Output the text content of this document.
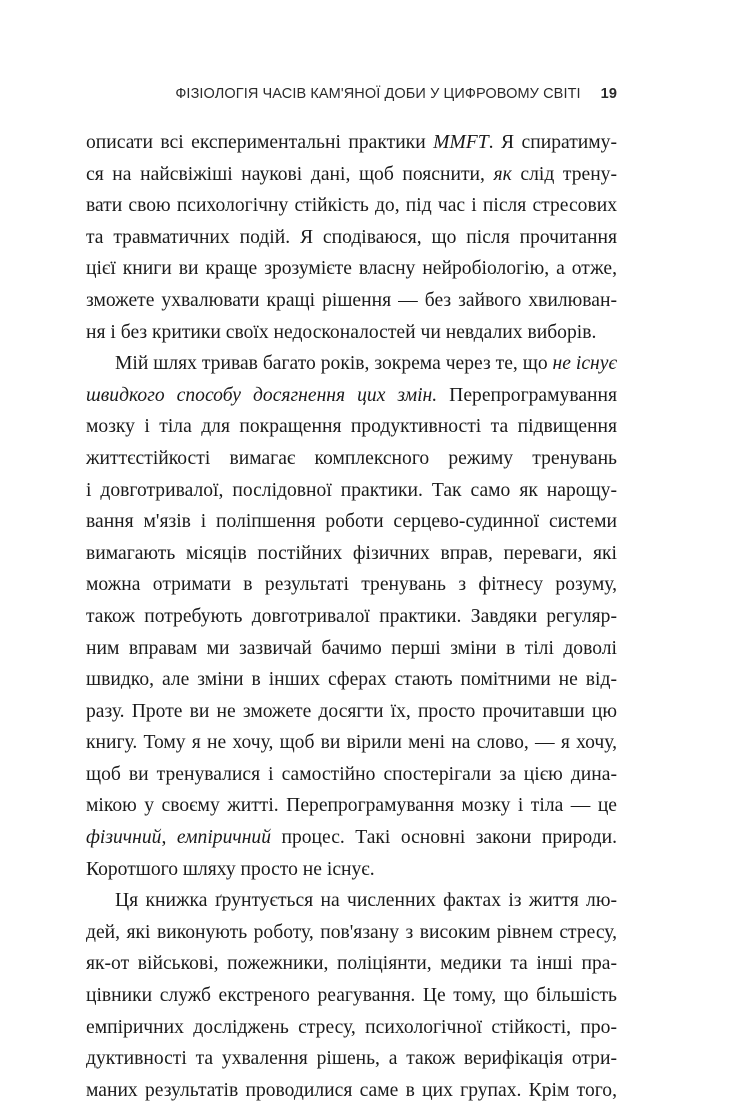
ФІЗІОЛОГІЯ ЧАСІВ КАМ'ЯНОЇ ДОБИ У ЦИФРОВОМУ СВІТІ 19
описати всі експериментальні практики MMFT. Я спиратиму-
ся на найсвіжіші наукові дані, щоб пояснити, як слід трену-
вати свою психологічну стійкість до, під час і після стресових
та травматичних подій. Я сподіваюся, що після прочитання
цієї книги ви краще зрозумієте власну нейробіологію, а отже,
зможете ухвалювати кращі рішення — без зайвого хвилюван-
ня і без критики своїх недосконалостей чи невдалих виборів.
Мій шлях тривав багато років, зокрема через те, що не існує
швидкого способу досягнення цих змін. Перепрограмування
мозку і тіла для покращення продуктивності та підвищення
життєстійкості вимагає комплексного режиму тренувань
і довготривалої, послідовної практики. Так само як нарощу-
вання м'язів і поліпшення роботи серцево-судинної системи
вимагають місяців постійних фізичних вправ, переваги, які
можна отримати в результаті тренувань з фітнесу розуму,
також потребують довготривалої практики. Завдяки регуляр-
ним вправам ми зазвичай бачимо перші зміни в тілі доволі
швидко, але зміни в інших сферах стають помітними не від-
разу. Проте ви не зможете досягти їх, просто прочитавши цю
книгу. Тому я не хочу, щоб ви вірили мені на слово, — я хочу,
щоб ви тренувалися і самостійно спостерігали за цією дина-
мікою у своєму житті. Перепрограмування мозку і тіла — це
фізичний, емпіричний процес. Такі основні закони природи.
Коротшого шляху просто не існує.
Ця книжка ґрунтується на численних фактах із життя лю-
дей, які виконують роботу, пов'язану з високим рівнем стресу,
як-от військові, пожежники, поліціянти, медики та інші пра-
цівники служб екстреного реагування. Це тому, що більшість
емпіричних досліджень стресу, психологічної стійкості, про-
дуктивності та ухвалення рішень, а також верифікація отри-
маних результатів проводилися саме в цих групах. Крім того,
